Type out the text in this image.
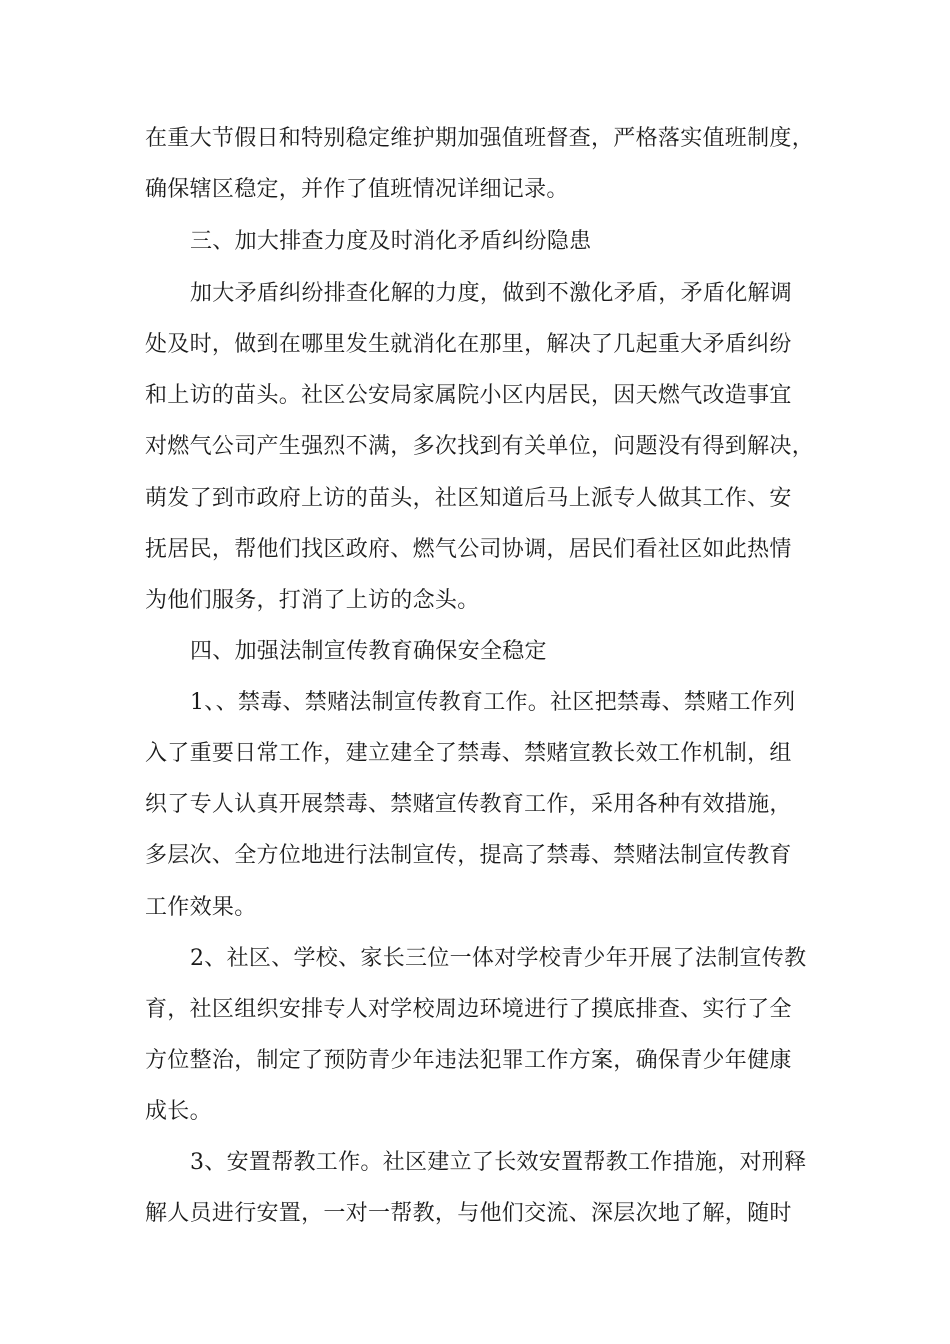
在重大节假日和特别稳定维护期加强值班督查，严格落实值班制度，
确保辖区稳定，并作了值班情况详细记录。
三、加大排查力度及时消化矛盾纠纷隐患
加大矛盾纠纷排查化解的力度，做到不激化矛盾，矛盾化解调
处及时，做到在哪里发生就消化在那里，解决了几起重大矛盾纠纷
和上访的苗头。社区公安局家属院小区内居民，因天燃气改造事宜
对燃气公司产生强烈不满，多次找到有关单位，问题没有得到解决，
萌发了到市政府上访的苗头，社区知道后马上派专人做其工作、安
抚居民，帮他们找区政府、燃气公司协调，居民们看社区如此热情
为他们服务，打消了上访的念头。
四、加强法制宣传教育确保安全稳定
1、、禁毒、禁赌法制宣传教育工作。社区把禁毒、禁赌工作列
入了重要日常工作，建立建全了禁毒、禁赌宣教长效工作机制，组
织了专人认真开展禁毒、禁赌宣传教育工作，采用各种有效措施，
多层次、全方位地进行法制宣传，提高了禁毒、禁赌法制宣传教育
工作效果。
2、社区、学校、家长三位一体对学校青少年开展了法制宣传教
育，社区组织安排专人对学校周边环境进行了摸底排查、实行了全
方位整治，制定了预防青少年违法犯罪工作方案，确保青少年健康
成长。
3、安置帮教工作。社区建立了长效安置帮教工作措施，对刑释
解人员进行安置，一对一帮教，与他们交流、深层次地了解，随时
